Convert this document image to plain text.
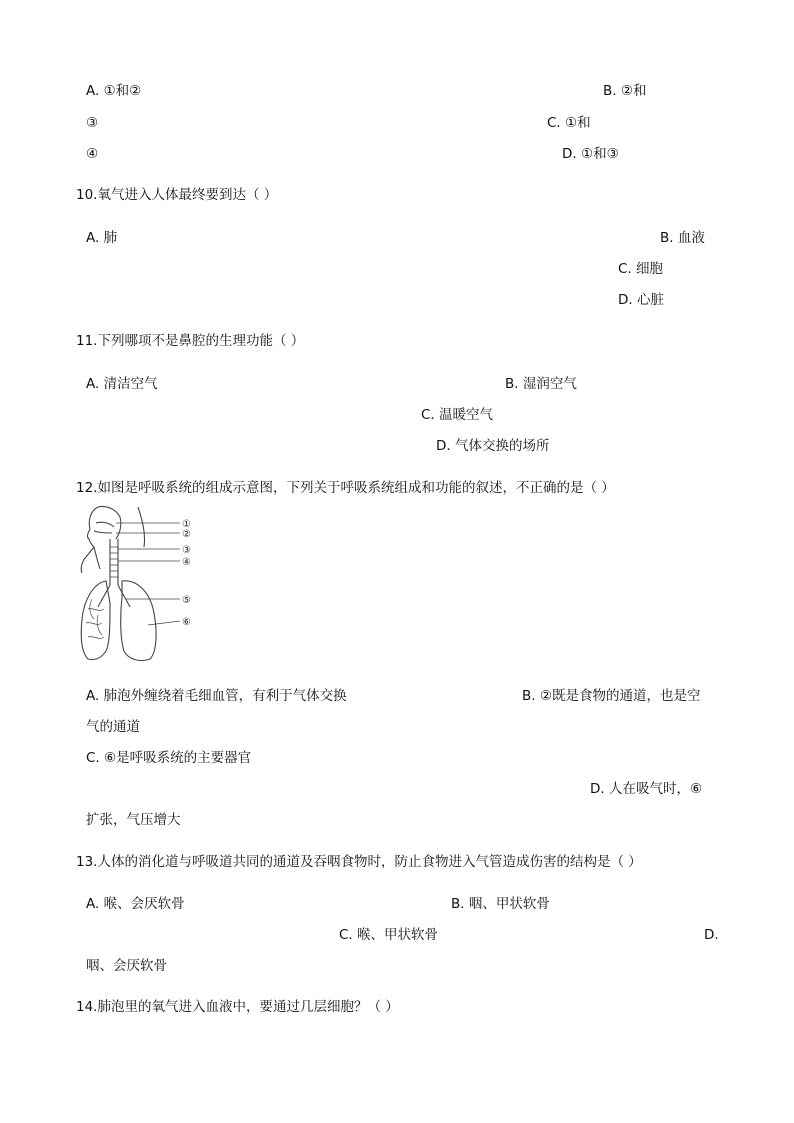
A. ①和②	B. ②和
③	C. ①和
④	D. ①和③
10.氧气进入人体最终要到达（ ）
A. 肺	B. 血液
C. 细胞
D. 心脏
11.下列哪项不是鼻腔的生理功能（ ）
A. 清洁空气	B. 湿润空气
C. 温暖空气
D. 气体交换的场所
12.如图是呼吸系统的组成示意图，下列关于呼吸系统组成和功能的叙述，不正确的是（ ）
①
②
③
④
⑤
⑥
A. 肺泡外缠绕着毛细血管，有利于气体交换	B. ②既是食物的通道，也是空
气的通道
C. ⑥是呼吸系统的主要器官
D. 人在吸气时，⑥
扩张，气压增大
13.人体的消化道与呼吸道共同的通道及吞咽食物时，防止食物进入气管造成伤害的结构是（ ）
A. 喉、会厌软骨	B. 咽、甲状软骨
C. 喉、甲状软骨	D.
咽、会厌软骨
14.肺泡里的氧气进入血液中，要通过几层细胞？（ ）
